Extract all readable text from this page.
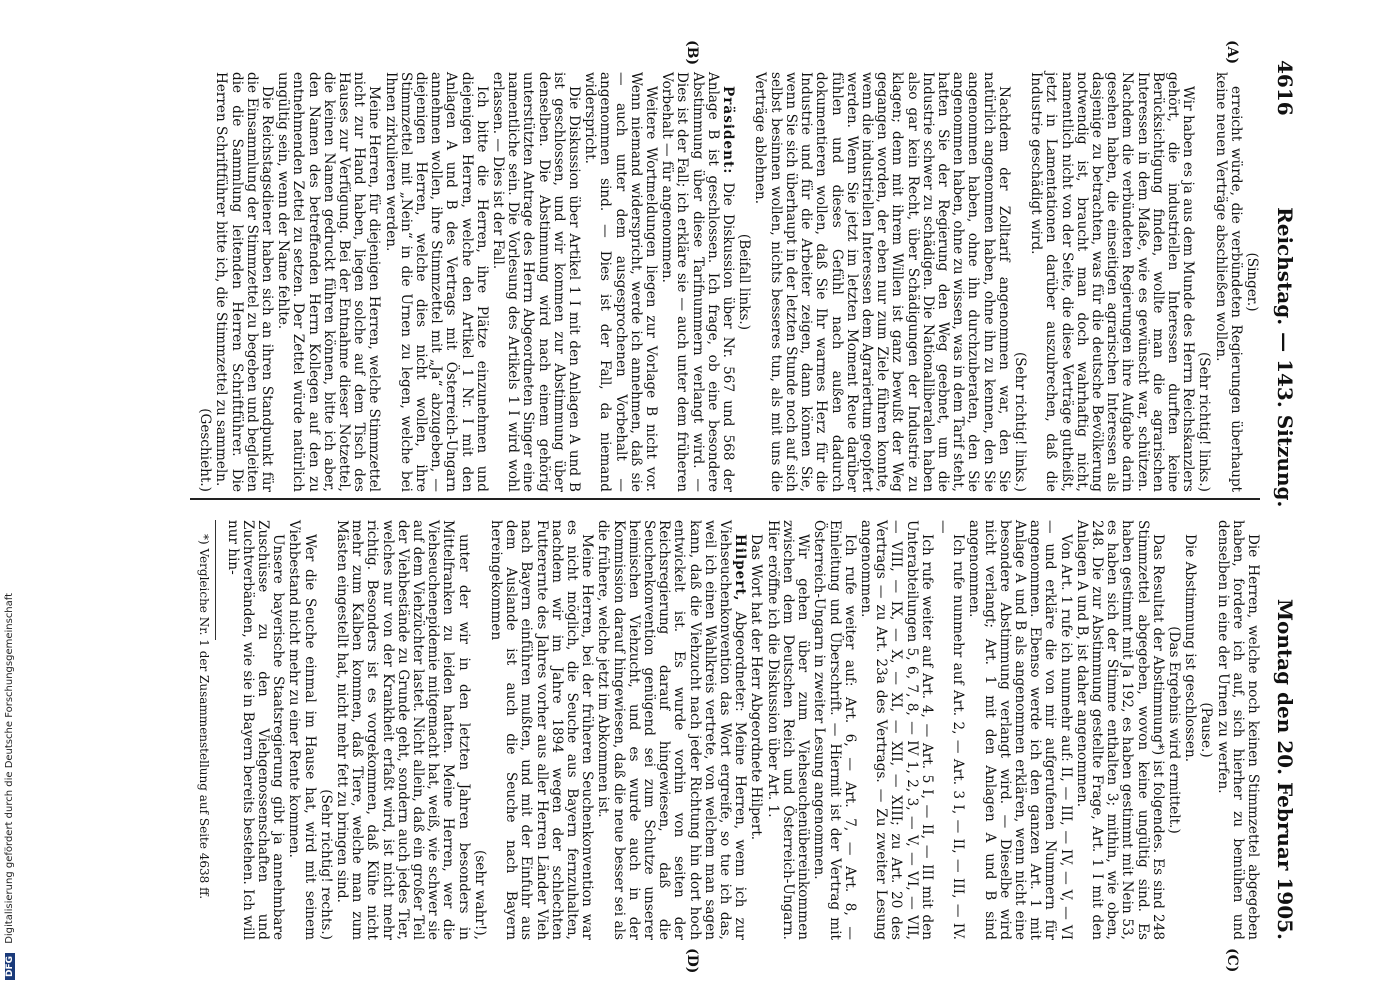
4616
Reichstag. — 143. Sitzung.
Montag den 20. Februar 1905.
(A)
(B)
(C)
(D)

(Singer.)

erreicht würde, die verbündeten Regierungen überhaupt keine neuen Verträge abschließen wollen.

(Sehr richtig! links.)

Wir haben es ja aus dem Munde des Herrn Reichskanzlers gehört, die industriellen Interessen durften keine Berücksichtigung finden, wollte man die agrarischen Interessen in dem Maße, wie es gewünscht war, schützen. Nachdem die verbündeten Regierungen ihre Aufgabe darin gesehen haben, die einseitigen agrarischen Interessen als dasjenige zu betrachten, was für die deutsche Bevölkerung notwendig ist, braucht man doch wahrhaftig nicht, namentlich nicht von der Seite, die diese Verträge gutheißt, jetzt in Lamentationen darüber auszubrechen, daß die Industrie geschädigt wird.

(Sehr richtig! links.)

Nachdem der Zolltarif angenommen war, den Sie natürlich angenommen haben, ohne ihn zu kennen, den Sie angenommen haben, ohne ihn durchzuberaten, den Sie angenommen haben, ohne zu wissen, was in dem Tarif steht, hatten Sie der Regierung den Weg geebnet, um die Industrie schwer zu schädigen. Die Nationalliberalen haben also gar kein Recht, über Schädigungen der Industrie zu klagen; denn mit ihrem Willen ist ganz bewußt der Weg gegangen worden, der eben nur zum Ziele führen konnte, wenn die industriellen Interessen dem Agrariertum geopfert werden. Wenn Sie jetzt im letzten Moment Reue darüber fühlen und dieses Gefühl nach außen dadurch dokumentieren wollen, daß Sie Ihr warmes Herz für die Industrie und für die Arbeiter zeigen, dann können Sie, wenn Sie sich überhaupt in der letzten Stunde noch auf sich selbst besinnen wollen, nichts besseres tun, als mit uns die Verträge ablehnen.

(Beifall links.)

Präsident: Die Diskussion über Nr. 567 und 568 der Anlage B ist geschlossen. Ich frage, ob eine besondere Abstimmung über diese Tarifnummern verlangt wird. — Dies ist der Fall; ich erkläre sie — auch unter dem früheren Vorbehalt — für angenommen.

Weitere Wortmeldungen liegen zur Vorlage B nicht vor. Wenn niemand widerspricht, werde ich annehmen, daß sie — auch unter dem ausgesprochenen Vorbehalt — angenommen sind. — Dies ist der Fall, da niemand widerspricht.

Die Diskussion über Artikel 1 I mit den Anlagen A und B ist geschlossen, und wir kommen zur Abstimmung über denselben. Die Abstimmung wird nach einem gehörig unterstützten Antrage des Herrn Abgeordneten Singer eine namentliche sein. Die Vorlesung des Artikels 1 I wird wohl erlassen. — Dies ist der Fall.

Ich bitte die Herren, ihre Plätze einzunehmen und diejenigen Herren, welche den Artikel 1 Nr. I mit den Anlagen A und B des Vertrags mit Österreich-Ungarn annehmen wollen, ihre Stimmzettel mit „Ja“ abzugeben, — diejenigen Herren, welche dies nicht wollen, ihre Stimmzettel mit „Nein“ in die Urnen zu legen, welche bei Ihnen zirkulieren werden.

Meine Herren, für diejenigen Herren, welche Stimmzettel nicht zur Hand haben, liegen solche auf dem Tisch des Hauses zur Verfügung. Bei der Entnahme dieser Notzettel, die keinen Namen gedruckt führen können, bitte ich aber, den Namen des betreffenden Herrn Kollegen auf den zu entnehmenden Zettel zu setzen. Der Zettel würde natürlich ungültig sein, wenn der Name fehlte.

Die Reichstagsdiener haben sich an ihren Standpunkt für die Einsammlung der Stimmzettel zu begeben und begleiten die die Sammlung leitenden Herren Schriftführer. Die Herren Schriftführer bitte ich, die Stimmzettel zu sammeln.

(Geschieht.)

Die Herren, welche noch keinen Stimmzettel abgegeben haben, fordere ich auf, sich hierher zu bemühen und denselben in eine der Urnen zu werfen.

(Pause.)

Die Abstimmung ist geschlossen.

(Das Ergebnis wird ermittelt.)

Das Resultat der Abstimmung*) ist folgendes. Es sind 248 Stimmzettel abgegeben, wovon keine ungültig sind. Es haben gestimmt mit Ja 192, es haben gestimmt mit Nein 53, es haben sich der Stimme enthalten 3; mithin, wie oben, 248. Die zur Abstimmung gestellte Frage, Art. 1 I mit den Anlagen A und B, ist daher angenommen.

Von Art. 1 rufe ich nunmehr auf: II, — III, — IV, — V, — VI — und erkläre die von mir aufgerufenen Nummern für angenommen. Ebenso werde ich den ganzen Art. 1 mit Anlage A und B als angenommen erklären, wenn nicht eine besondere Abstimmung verlangt wird. — Dieselbe wird nicht verlangt; Art. 1 mit den Anlagen A und B sind angenommen.

Ich rufe nunmehr auf Art. 2, — Art. 3 I, — II, — III, — IV. —

Ich rufe weiter auf Art. 4, — Art. 5 I, — II, — III mit den Unterabteilungen 5, 6, 7, 8, — IV 1, 2, 3, — V, — VI, — VII, — VIII, — IX, — X, — XI, — XII, — XIII; zu Art. 20 des Vertrags — zu Art. 23a des Vertrags. — Zu zweiter Lesung angenommen.

Ich rufe weiter auf: Art. 6, — Art. 7, — Art. 8, — Einleitung und Überschrift. — Hiermit ist der Vertrag mit Österreich-Ungarn in zweiter Lesung angenommen.

Wir gehen über zum Viehseuchenübereinkommen zwischen dem Deutschen Reich und Österreich-Ungarn. Hier eröffne ich die Diskussion über Art. 1.

Das Wort hat der Herr Abgeordnete Hilpert.

Hilpert, Abgeordneter: Meine Herren, wenn ich zur Viehseuchenkonvention das Wort ergreife, so tue ich das, weil ich einen Wahlkreis vertrete, von welchem man sagen kann, daß die Viehzucht nach jeder Richtung hin dort hoch entwickelt ist. Es wurde vorhin von seiten der Reichsregierung darauf hingewiesen, daß die Seuchenkonvention genügend sei zum Schutze unserer heimischen Viehzucht, und es wurde auch in der Kommission darauf hingewiesen, daß die neue besser sei als die frühere, welche jetzt im Abkommen ist.

Meine Herren, bei der früheren Seuchenkonvention war es nicht möglich, die Seuche aus Bayern fernzuhalten, nachdem wir im Jahre 1894 wegen der schlechten Futterernte des Jahres vorher aus aller Herren Länder Vieh nach Bayern einführen mußten, und mit der Einfuhr aus dem Auslande ist auch die Seuche nach Bayern hereingekommen

(sehr wahr!),

unter der wir in den letzten Jahren besonders in Mittelfranken zu leiden hatten. Meine Herren, wer die Viehseuchenepidemie mitgemacht hat, weiß, wie schwer sie auf dem Viehzüchter lastet. Nicht allein, daß ein großer Teil der Viehbestände zu Grunde geht, sondern auch jedes Tier, welches nur von der Krankheit erfaßt wird, ist nicht mehr richtig. Besonders ist es vorgekommen, daß Kühe nicht mehr zum Kalben kommen, daß Tiere, welche man zum Mästen eingestellt hat, nicht mehr fett zu bringen sind.

(Sehr richtig! rechts.)

Wer die Seuche einmal im Hause hat, wird mit seinem Viehbestand nicht mehr zu einer Rente kommen.

Unsere bayerische Staatsregierung gibt ja annehmbare Zuschüsse zu den Viehgenossenschaften und Zuchtverbänden, wie sie in Bayern bereits bestehen. Ich will nur hin-

*) Vergleiche Nr. 1 der Zusammenstellung auf Seite 4638 ff.

DFG Digitalisierung gefördert durch die Deutsche Forschungsgemeinschaft
